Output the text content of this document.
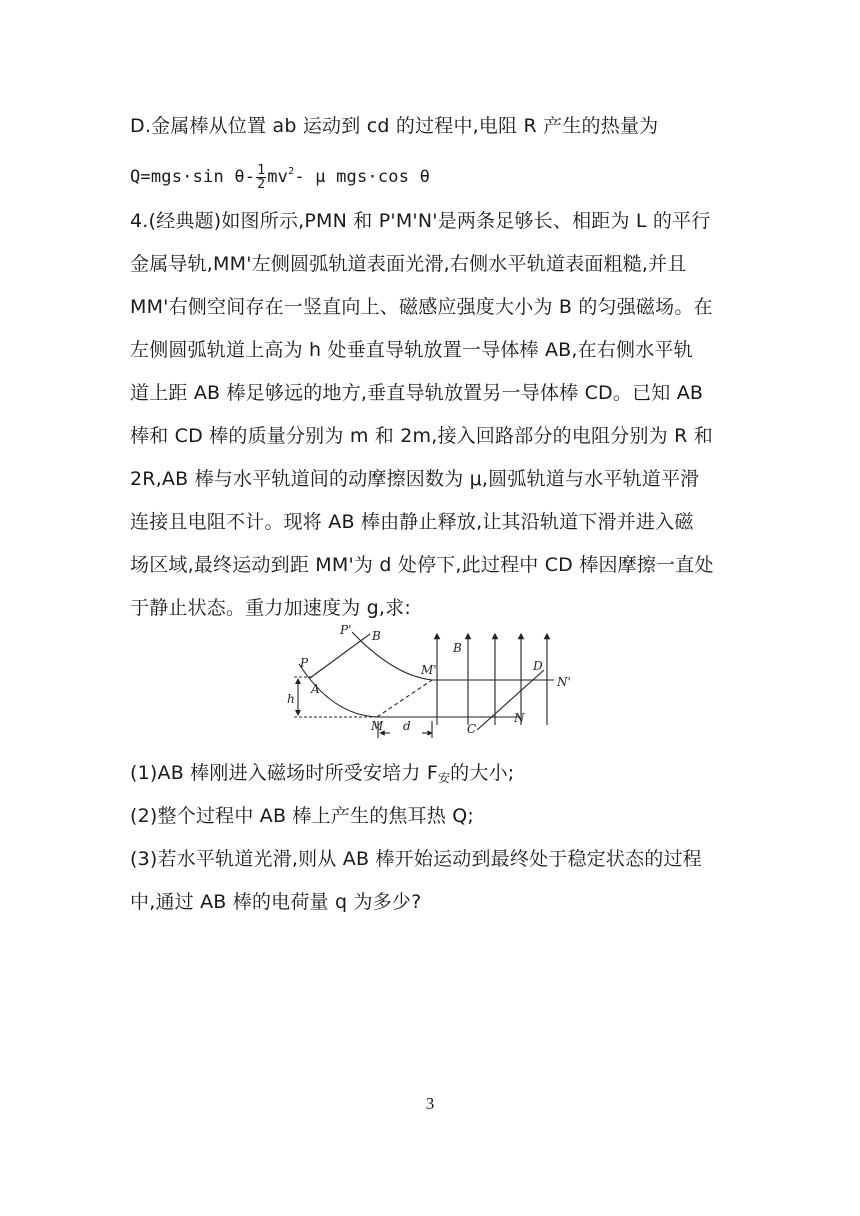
D.金属棒从位置 ab 运动到 cd 的过程中,电阻 R 产生的热量为
Q=mgs·sin $\theta- \frac{1}{2} mv^2-$ μ mgs·cos θ
4.(经典题)如图所示,PMN 和 P'M'N'是两条足够长、相距为 L 的平行
金属导轨,MM'左侧圆弧轨道表面光滑,右侧水平轨道表面粗糙,并且
MM'右侧空间存在一竖直向上、磁感应强度大小为 B 的匀强磁场。在
左侧圆弧轨道上高为 h 处垂直导轨放置一导体棒 AB,在右侧水平轨
道上距 AB 棒足够远的地方,垂直导轨放置另一导体棒 CD。已知 AB
棒和 CD 棒的质量分别为 m 和 2m,接入回路部分的电阻分别为 R 和
2R,AB 棒与水平轨道间的动摩擦因数为 μ,圆弧轨道与水平轨道平滑
连接且电阻不计。现将 AB 棒由静止释放,让其沿轨道下滑并进入磁
场区域,最终运动到距 MM'为 d 处停下,此过程中 CD 棒因摩擦一直处
于静止状态。重力加速度为 g,求:
P' B
P
A
h
M'
B
D
N'
M d	C
N
(1)AB 棒刚进入磁场时所受安培力 $F_安$的大小;
(2)整个过程中 AB 棒上产生的焦耳热 Q;
(3)若水平轨道光滑,则从 AB 棒开始运动到最终处于稳定状态的过程
中,通过 AB 棒的电荷量 q 为多少?
3
